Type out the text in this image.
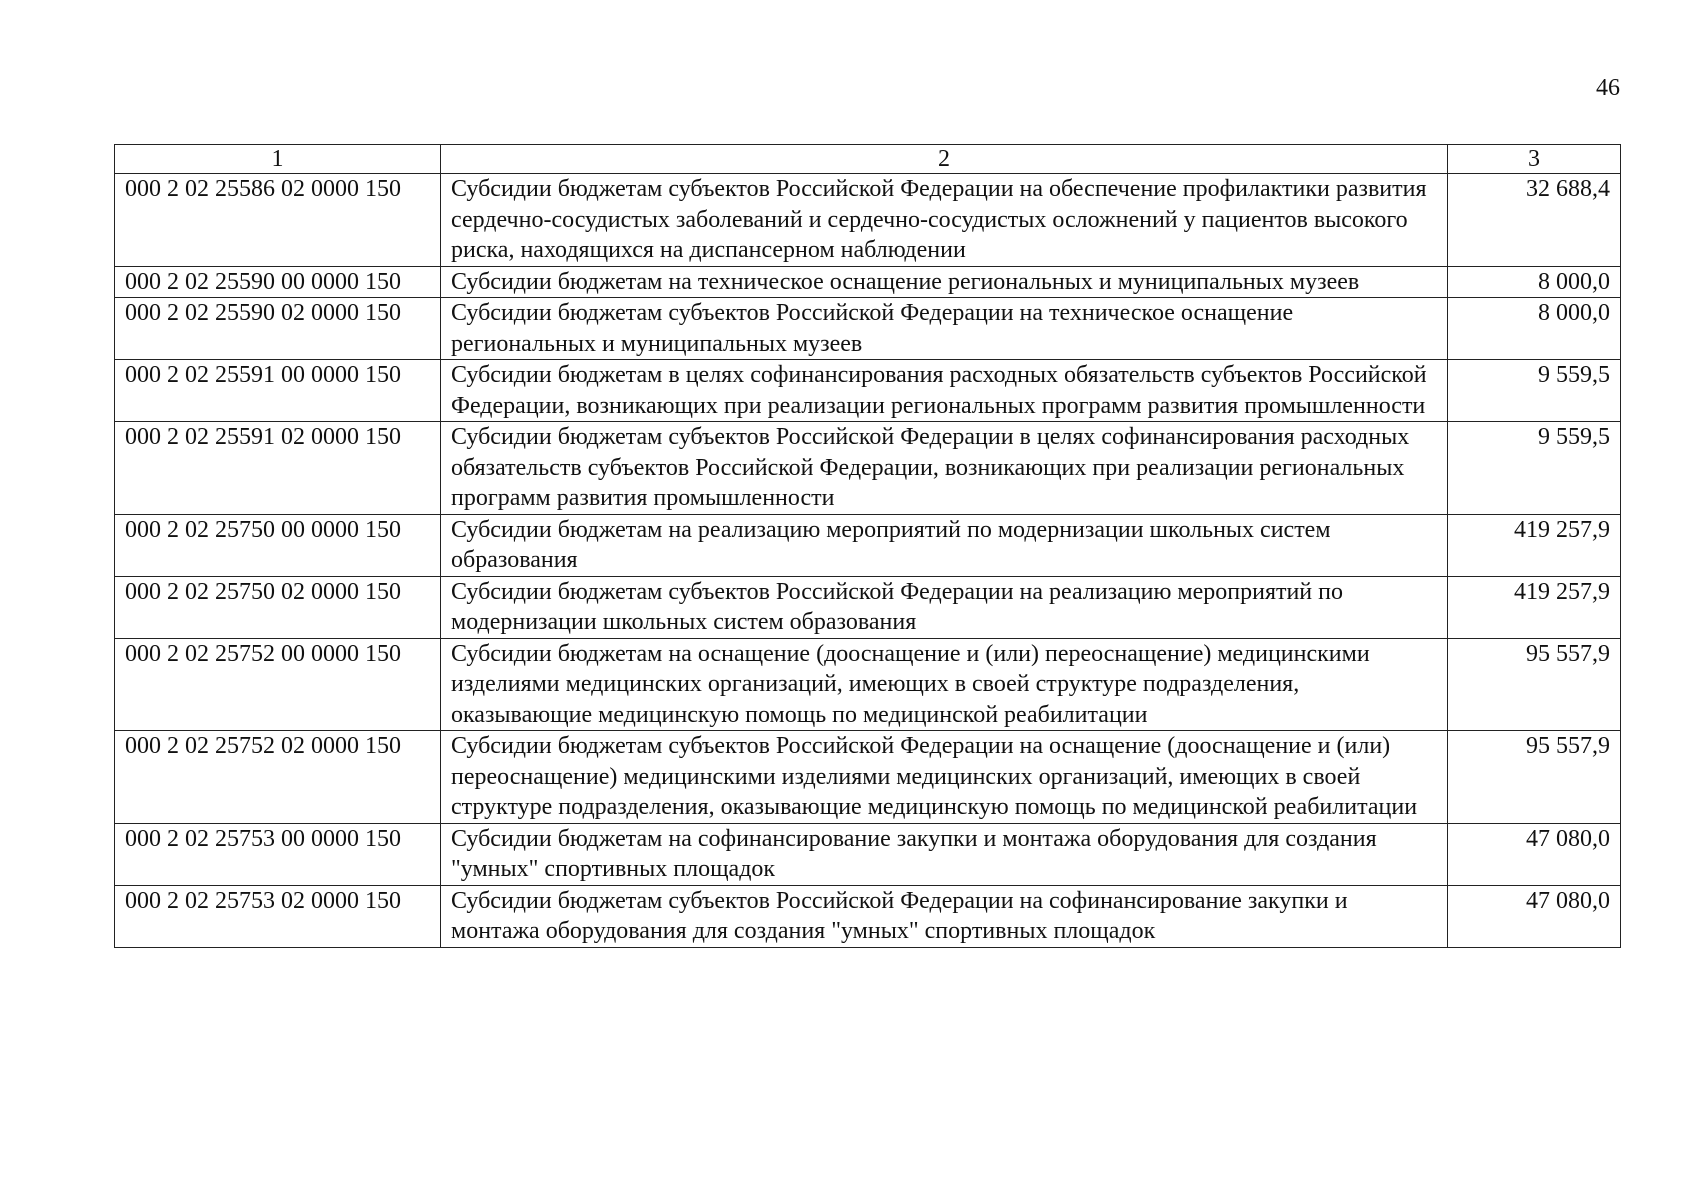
46
1	2	3
000 2 02 25586 02 0000 150	Субсидии бюджетам субъектов Российской Федерации на обеспечение профилактики развития сердечно-сосудистых заболеваний и сердечно-сосудистых осложнений у пациентов высокого риска, находящихся на диспансерном наблюдении	32 688,4
000 2 02 25590 00 0000 150	Субсидии бюджетам на техническое оснащение региональных и муниципальных музеев	8 000,0
000 2 02 25590 02 0000 150	Субсидии бюджетам субъектов Российской Федерации на техническое оснащение региональных и муниципальных музеев	8 000,0
000 2 02 25591 00 0000 150	Субсидии бюджетам в целях софинансирования расходных обязательств субъектов Российской Федерации, возникающих при реализации региональных программ развития промышленности	9 559,5
000 2 02 25591 02 0000 150	Субсидии бюджетам субъектов Российской Федерации в целях софинансирования расходных обязательств субъектов Российской Федерации, возникающих при реализации региональных программ развития промышленности	9 559,5
000 2 02 25750 00 0000 150	Субсидии бюджетам на реализацию мероприятий по модернизации школьных систем образования	419 257,9
000 2 02 25750 02 0000 150	Субсидии бюджетам субъектов Российской Федерации на реализацию мероприятий по модернизации школьных систем образования	419 257,9
000 2 02 25752 00 0000 150	Субсидии бюджетам на оснащение (дооснащение и (или) переоснащение) медицинскими изделиями медицинских организаций, имеющих в своей структуре подразделения, оказывающие медицинскую помощь по медицинской реабилитации	95 557,9
000 2 02 25752 02 0000 150	Субсидии бюджетам субъектов Российской Федерации на оснащение (дооснащение и (или) переоснащение) медицинскими изделиями медицинских организаций, имеющих в своей структуре подразделения, оказывающие медицинскую помощь по медицинской реабилитации	95 557,9
000 2 02 25753 00 0000 150	Субсидии бюджетам на софинансирование закупки и монтажа оборудования для создания "умных" спортивных площадок	47 080,0
000 2 02 25753 02 0000 150	Субсидии бюджетам субъектов Российской Федерации на софинансирование закупки и монтажа оборудования для создания "умных" спортивных площадок	47 080,0
